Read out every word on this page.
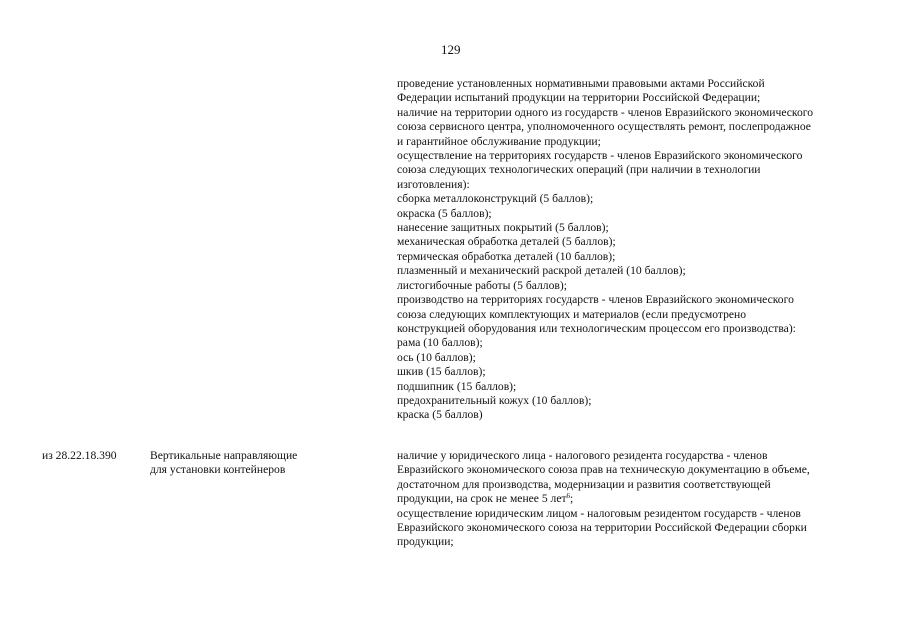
129
проведение установленных нормативными правовыми актами Российской
Федерации испытаний продукции на территории Российской Федерации;
наличие на территории одного из государств - членов Евразийского экономического
союза сервисного центра, уполномоченного осуществлять ремонт, послепродажное
и гарантийное обслуживание продукции;
осуществление на территориях государств - членов Евразийского экономического
союза следующих технологических операций (при наличии в технологии
изготовления):
сборка металлоконструкций (5 баллов);
окраска (5 баллов);
нанесение защитных покрытий (5 баллов);
механическая обработка деталей (5 баллов);
термическая обработка деталей (10 баллов);
плазменный и механический раскрой деталей (10 баллов);
листогибочные работы (5 баллов);
производство на территориях государств - членов Евразийского экономического
союза следующих комплектующих и материалов (если предусмотрено
конструкцией оборудования или технологическим процессом его производства):
рама (10 баллов);
ось (10 баллов);
шкив (15 баллов);
подшипник (15 баллов);
предохранительный кожух (10 баллов);
краска (5 баллов)
из 28.22.18.390	Вертикальные направляющие
для установки контейнеров
наличие у юридического лица - налогового резидента государства - членов
Евразийского экономического союза прав на техническую документацию в объеме,
достаточном для производства, модернизации и развития соответствующей
продукции, на срок не менее 5 лет$^6$;
осуществление юридическим лицом - налоговым резидентом государств - членов
Евразийского экономического союза на территории Российской Федерации сборки
продукции;
